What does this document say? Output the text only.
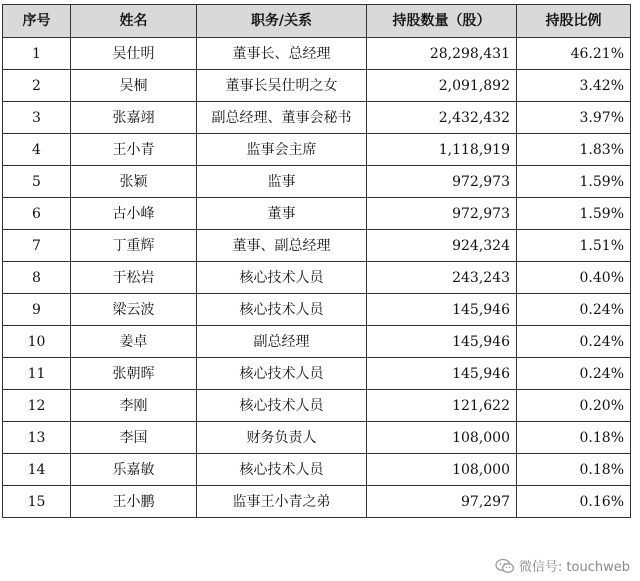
序号	姓名	职务/关系	持股数量（股）	持股比例
1	吴仕明	董事长、总经理	28,298,431	46.21%
2	吴桐	董事长吴仕明之女	2,091,892	3.42%
3	张嘉翊	副总经理、董事会秘书	2,432,432	3.97%
4	王小青	监事会主席	1,118,919	1.83%
5	张颖	监事	972,973	1.59%
6	古小峰	董事	972,973	1.59%
7	丁重辉	董事、副总经理	924,324	1.51%
8	于松岩	核心技术人员	243,243	0.40%
9	梁云波	核心技术人员	145,946	0.24%
10	姜卓	副总经理	145,946	0.24%
11	张朝晖	核心技术人员	145,946	0.24%
12	李刚	核心技术人员	121,622	0.20%
13	李国	财务负责人	108,000	0.18%
14	乐嘉敏	核心技术人员	108,000	0.18%
15	王小鹏	监事王小青之弟	97,297	0.16%
微信号: touchweb
